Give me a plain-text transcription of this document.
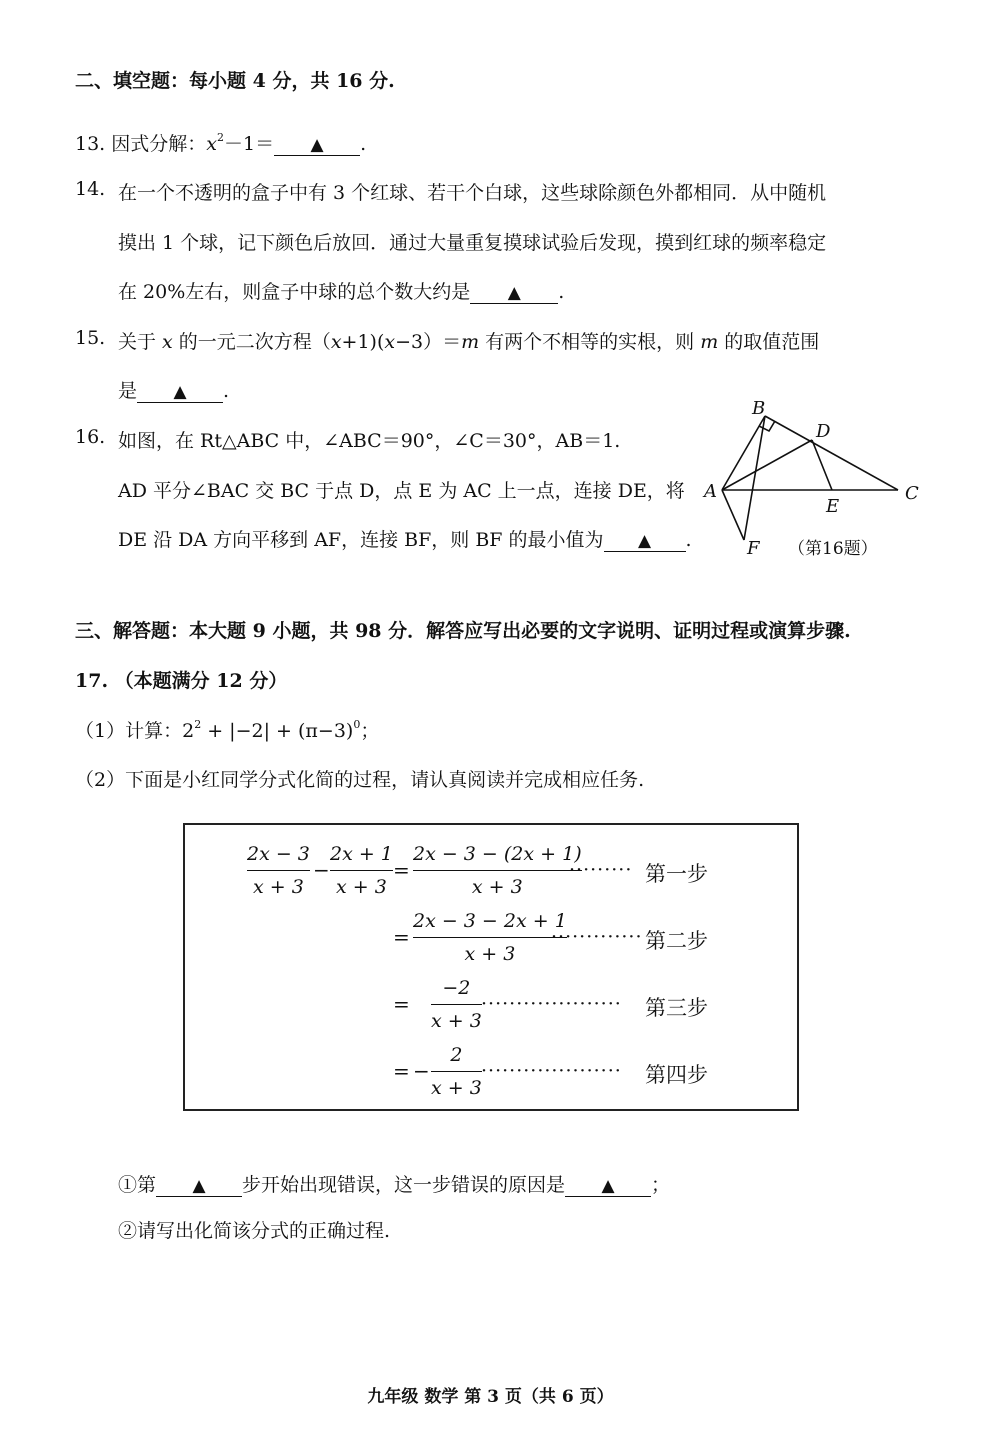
二、填空题：每小题 4 分，共 16 分.
13. 因式分解：$x^2-1=$ ▲ .
14. 在一个不透明的盒子中有 3 个红球、若干个白球，这些球除颜色外都相同．从中随机
摸出 1 个球，记下颜色后放回．通过大量重复摸球试验后发现，摸到红球的频率稳定
在 20%左右，则盒子中球的总个数大约是 ▲ .
15. 关于 x 的一元二次方程（x+1)(x−3）＝m 有两个不相等的实根，则 m 的取值范围
是 ▲ .
16. 如图，在 Rt△ABC 中，∠ABC＝90°，∠C＝30°，AB＝1.
AD 平分∠BAC 交 BC 于点 D，点 E 为 AC 上一点，连接 DE，将
DE 沿 DA 方向平移到 AF，连接 BF，则 BF 的最小值为 ▲ .
B
D
A	C
E
F （第16题）
三、解答题：本大题 9 小题，共 98 分．解答应写出必要的文字说明、证明过程或演算步骤.
17. （本题满分 12 分）
（1）计算：$2^2 + |-2| + (\pi-3)^0$；
（2）下面是小红同学分式化简的过程，请认真阅读并完成相应任务.
2x − 3
x + 3
−
2x + 1
x + 3
=
2x − 3 − (2x + 1)
x + 3
········· 第一步
=
2x − 3 − 2x + 1
x + 3
············· 第二步
=
−2
x + 3
···················· 第三步
= −
2
x + 3
···················· 第四步
①第 ▲ 步开始出现错误，这一步错误的原因是 ▲ ；
②请写出化简该分式的正确过程.
九年级 数学 第 3 页（共 6 页）
